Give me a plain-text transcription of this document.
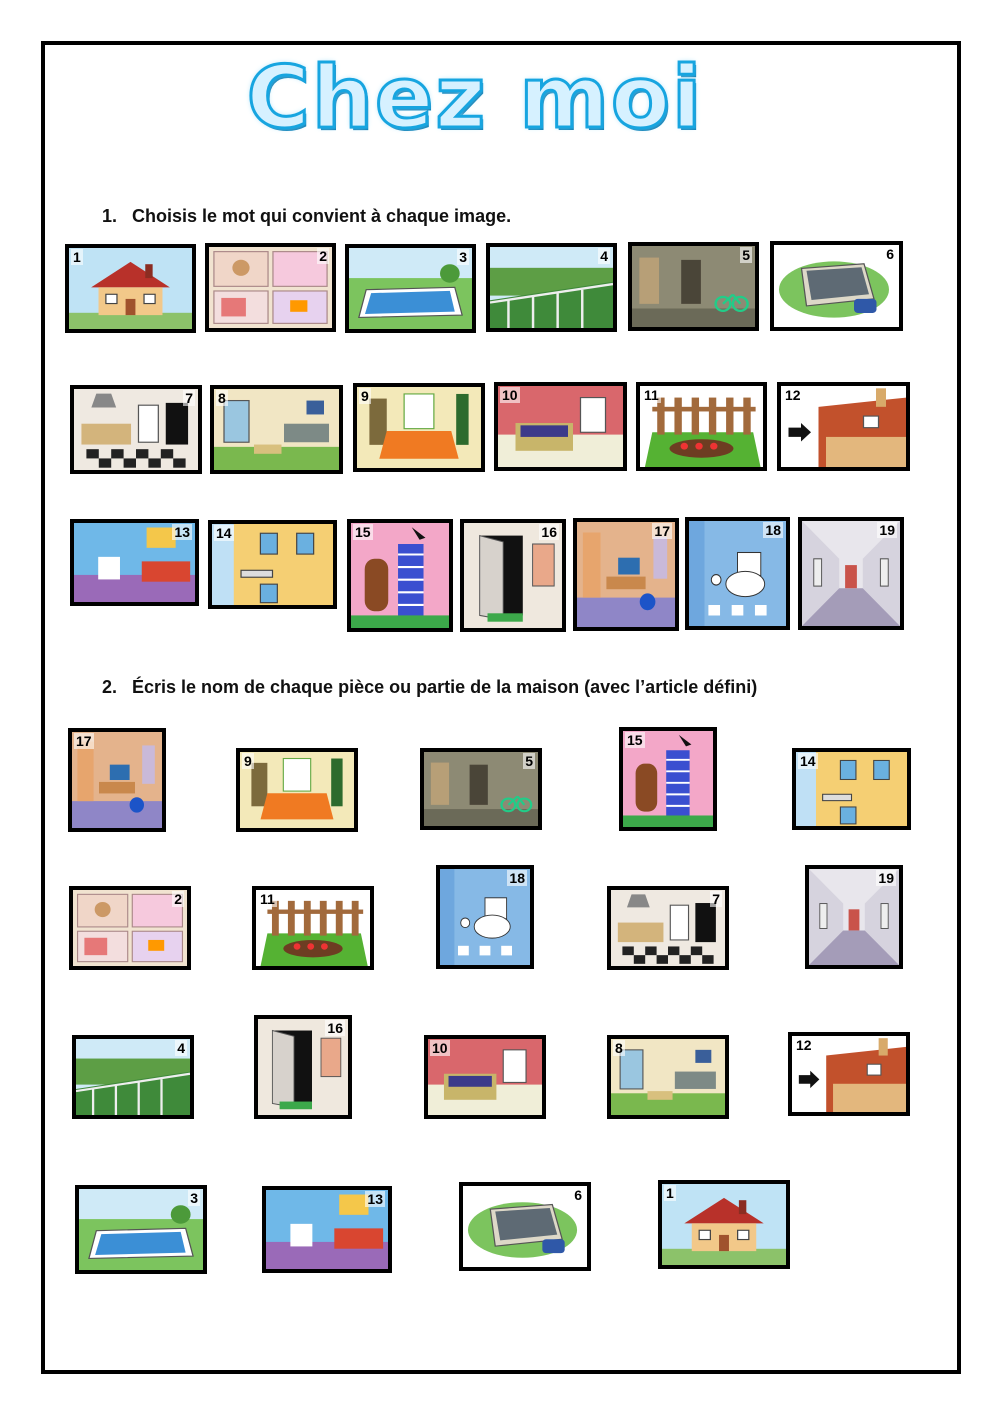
Chez moi
1. Choisis le mot qui convient à chaque image.
2. Écris le nom de chaque pièce ou partie de la maison (avec l’article défini)
1	2	3	4	5	6
7 8	9	10	11	12
13 14	15	16	17	18	19
17
9	5
15
14
2	11
18
7
19
4
16
10	8	12
3	13	6	1
